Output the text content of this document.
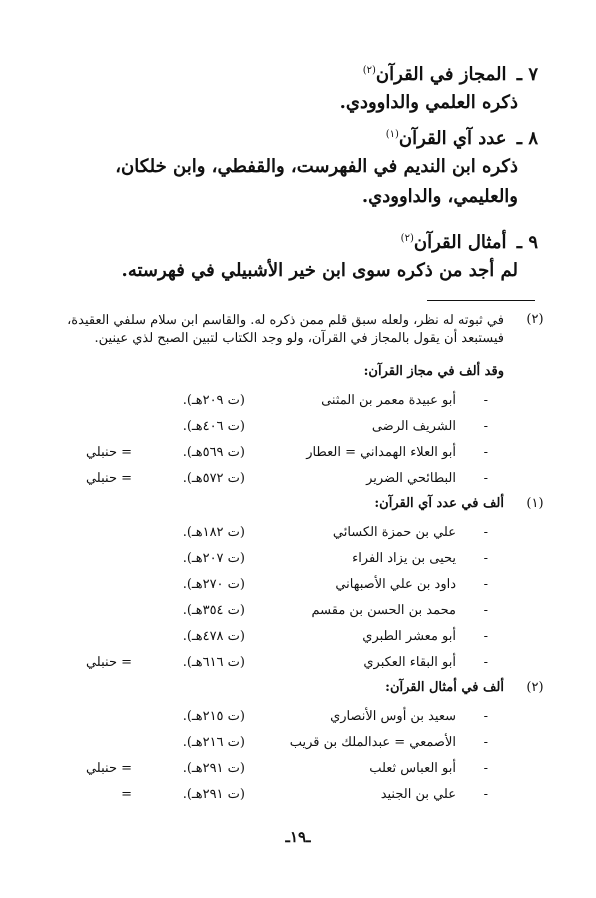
٧ ـ المجاز في القرآن$^{(٢)}$
ذكره العلمي والداوودي.
٨ ـ عدد آي القرآن$^{(١)}$
ذكره ابن النديم في الفهرست، والقفطي، وابن خلكان، والعليمي، والداوودي.
٩ ـ أمثال القرآن$^{(٢)}$
لم أجد من ذكره سوى ابن خير الأشبيلي في فهرسته.
(٢)
في ثبوته له نظر، ولعله سبق قلم ممن ذكره له. والقاسم ابن سلام سلفي العقيدة، فيستبعد أن يقول بالمجاز في القرآن، ولو وجد الكتاب لتبين الصبح لذي عينين.
وقد ألف في مجاز القرآن:
-
أبو عبيدة معمر بن المثنى
(ت ٢٠٩هـ).
-
الشريف الرضى
(ت ٤٠٦هـ).
-
أبو العلاء الهمداني = العطار
(ت ٥٦٩هـ).
= حنبلي
-
البطائحي الضرير
(ت ٥٧٢هـ).
= حنبلي
(١)
ألف في عدد آي القرآن:
-
علي بن حمزة الكسائي
(ت ١٨٢هـ).
-
يحيى بن يزاد الفراء
(ت ٢٠٧هـ).
-
داود بن علي الأصبهاني
(ت ٢٧٠هـ).
-
محمد بن الحسن بن مقسم
(ت ٣٥٤هـ).
-
أبو معشر الطبري
(ت ٤٧٨هـ).
-
أبو البقاء العكبري
(ت ٦١٦هـ).
= حنبلي
(٢)
ألف في أمثال القرآن:
-
سعيد بن أوس الأنصاري
(ت ٢١٥هـ).
-
الأصمعي = عبدالملك بن قريب
(ت ٢١٦هـ).
-
أبو العباس ثعلب
(ت ٢٩١هـ).
= حنبلي
-
علي بن الجنيد
(ت ٢٩١هـ).
=
ـ١٩ـ
